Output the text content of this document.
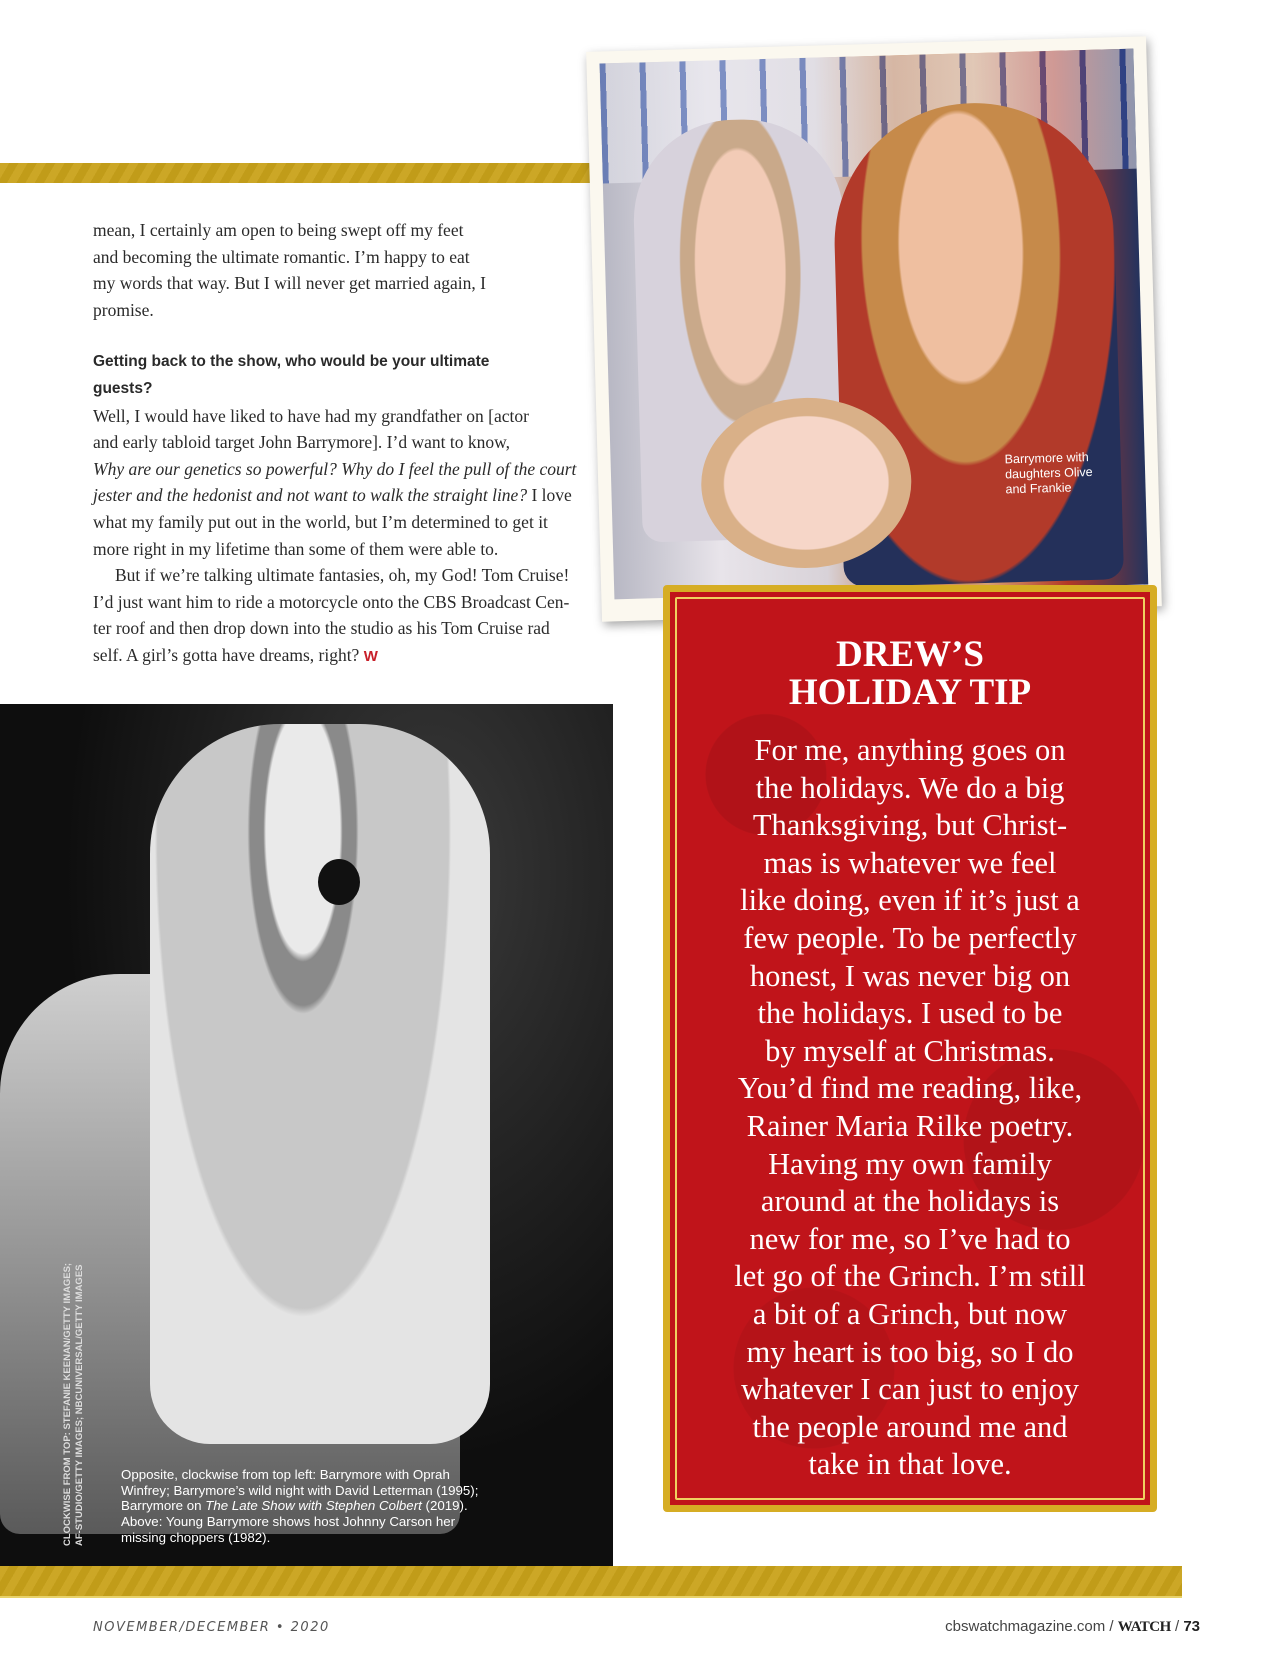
mean, I certainly am open to being swept off my feet
and becoming the ultimate romantic. I’m happy to eat
my words that way. But I will never get married again, I
promise.
Getting back to the show, who would be your ultimate
guests?
Well, I would have liked to have had my grandfather on [actor
and early tabloid target John Barrymore]. I’d want to know,
Why are our genetics so powerful? Why do I feel the pull of the court
jester and the hedonist and not want to walk the straight line? I love
what my family put out in the world, but I’m determined to get it
more right in my lifetime than some of them were able to.
But if we’re talking ultimate fantasies, oh, my God! Tom Cruise!
I’d just want him to ride a motorcycle onto the CBS Broadcast Cen-
ter roof and then drop down into the studio as his Tom Cruise rad
self. A girl’s gotta have dreams, right? W
Barrymore with daughters Olive and Frankie
DREW’S
HOLIDAY TIP
For me, anything goes on
the holidays. We do a big
Thanksgiving, but Christ-
mas is whatever we feel
like doing, even if it’s just a
few people. To be perfectly
honest, I was never big on
the holidays. I used to be
by myself at Christmas.
You’d find me reading, like,
Rainer Maria Rilke poetry.
Having my own family
around at the holidays is
new for me, so I’ve had to
let go of the Grinch. I’m still
a bit of a Grinch, but now
my heart is too big, so I do
whatever I can just to enjoy
the people around me and
take in that love.
CLOCKWISE FROM TOP: STEFANIE KEENAN/GETTY IMAGES;
AF-STUDIO/GETTY IMAGES; NBCUNIVERSAL/GETTY IMAGES	Opposite, clockwise from top left: Barrymore with Oprah Winfrey; Barrymore’s wild night with David Letterman (1995); Barrymore on The Late Show with Stephen Colbert (2019). Above: Young Barrymore shows host Johnny Carson her missing choppers (1982).
NOVEMBER/DECEMBER • 2020	cbswatchmagazine.com / WATCH / 73
